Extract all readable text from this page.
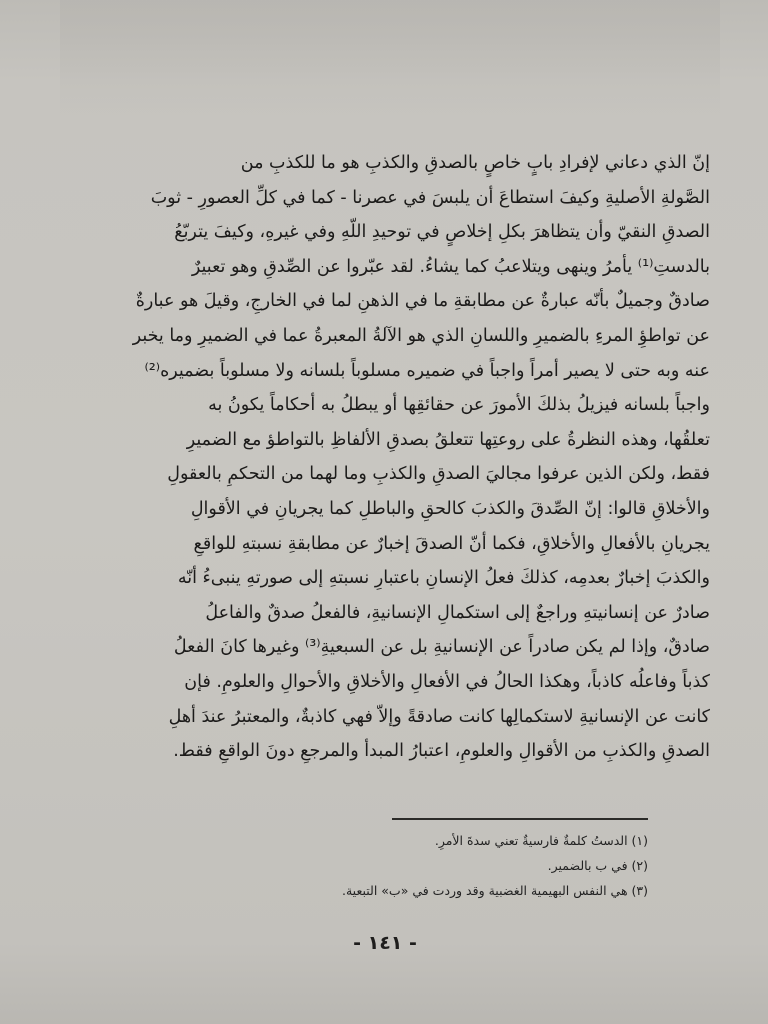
إنّ الذي دعاني لإفرادِ بابٍ خاصٍ بالصدقِ والكذبِ هو ما للكذبِ من
الصَّولةِ الأصليةِ وكيفَ استطاعَ أن يلبسَ في عصرنا - كما في كلِّ العصورِ - ثوبَ
الصدقِ النقيّ وأن يتظاهرَ بكلِ إخلاصٍ في توحيدِ اللّهِ وفي غيرهِ، وكيفَ يتربّعُ
بالدستِ⁽¹⁾ يأمرُ وينهى ويتلاعبُ كما يشاءُ. لقد عبّروا عن الصِّدقِ وهو تعبيرٌ
صادقٌ وجميلٌ بأنّه عبارةٌ عن مطابقةِ ما في الذهنِ لما في الخارجِ، وقيلَ هو عبارةٌ
عن تواطؤِ المرءِ بالضميرِ واللسانِ الذي هو الآلةُ المعبرةُ عما في الضميرِ وما يخبر
عنه وبه حتى لا يصير أمراً واجباً في ضميره مسلوباً بلسانه ولا مسلوباً بضميره⁽²⁾
واجباً بلسانه فيزيلُ بذلكَ الأمورَ عن حقائقِها أو يبطلُ به أحكاماً يكونُ به
تعلقُها، وهذه النظرةُ على روعتِها تتعلقُ بصدقِ الألفاظِ بالتواطؤ مع الضميرِ
فقط، ولكن الذين عرفوا مجاليَ الصدقِ والكذبِ وما لهما من التحكمِ بالعقولِ
والأخلاقِ قالوا: إنّ الصِّدقَ والكذبَ كالحقِ والباطلِ كما يجريانِ في الأقوالِ
يجريانِ بالأفعالِ والأخلاقِ، فكما أنّ الصدقَ إخبارٌ عن مطابقةِ نسبتهِ للواقعِ
والكذبَ إخبارٌ بعدمِه، كذلكَ فعلُ الإنسانِ باعتبارِ نسبتهِ إلى صورتهِ ينبىءُ أنّه
صادرٌ عن إنسانيتهِ وراجعٌ إلى استكمالِ الإنسانيةِ، فالفعلُ صدقٌ والفاعلُ
صادقٌ، وإذا لم يكن صادراً عن الإنسانيةِ بل عن السبعيةِ⁽³⁾ وغيرها كانَ الفعلُ
كذباً وفاعلُه كاذباً، وهكذا الحالُ في الأفعالِ والأخلاقِ والأحوالِ والعلومِ. فإن
كانت عن الإنسانيةِ لاستكمالِها كانت صادقةً وإلاّ فهي كاذبةٌ، والمعتبرُ عندَ أهلِ
الصدقِ والكذبِ من الأقوالِ والعلومِ، اعتبارُ المبدأ والمرجعِ دونَ الواقعِ فقط.
(١) الدستُ كلمةٌ فارسيةٌ تعني سدةَ الأمرِ.
(٢) في ب بالضمير.
(٣) هي النفس البهيمية الغضبية وقد وردت في «ب» التبعية.
- ١٤١ -
